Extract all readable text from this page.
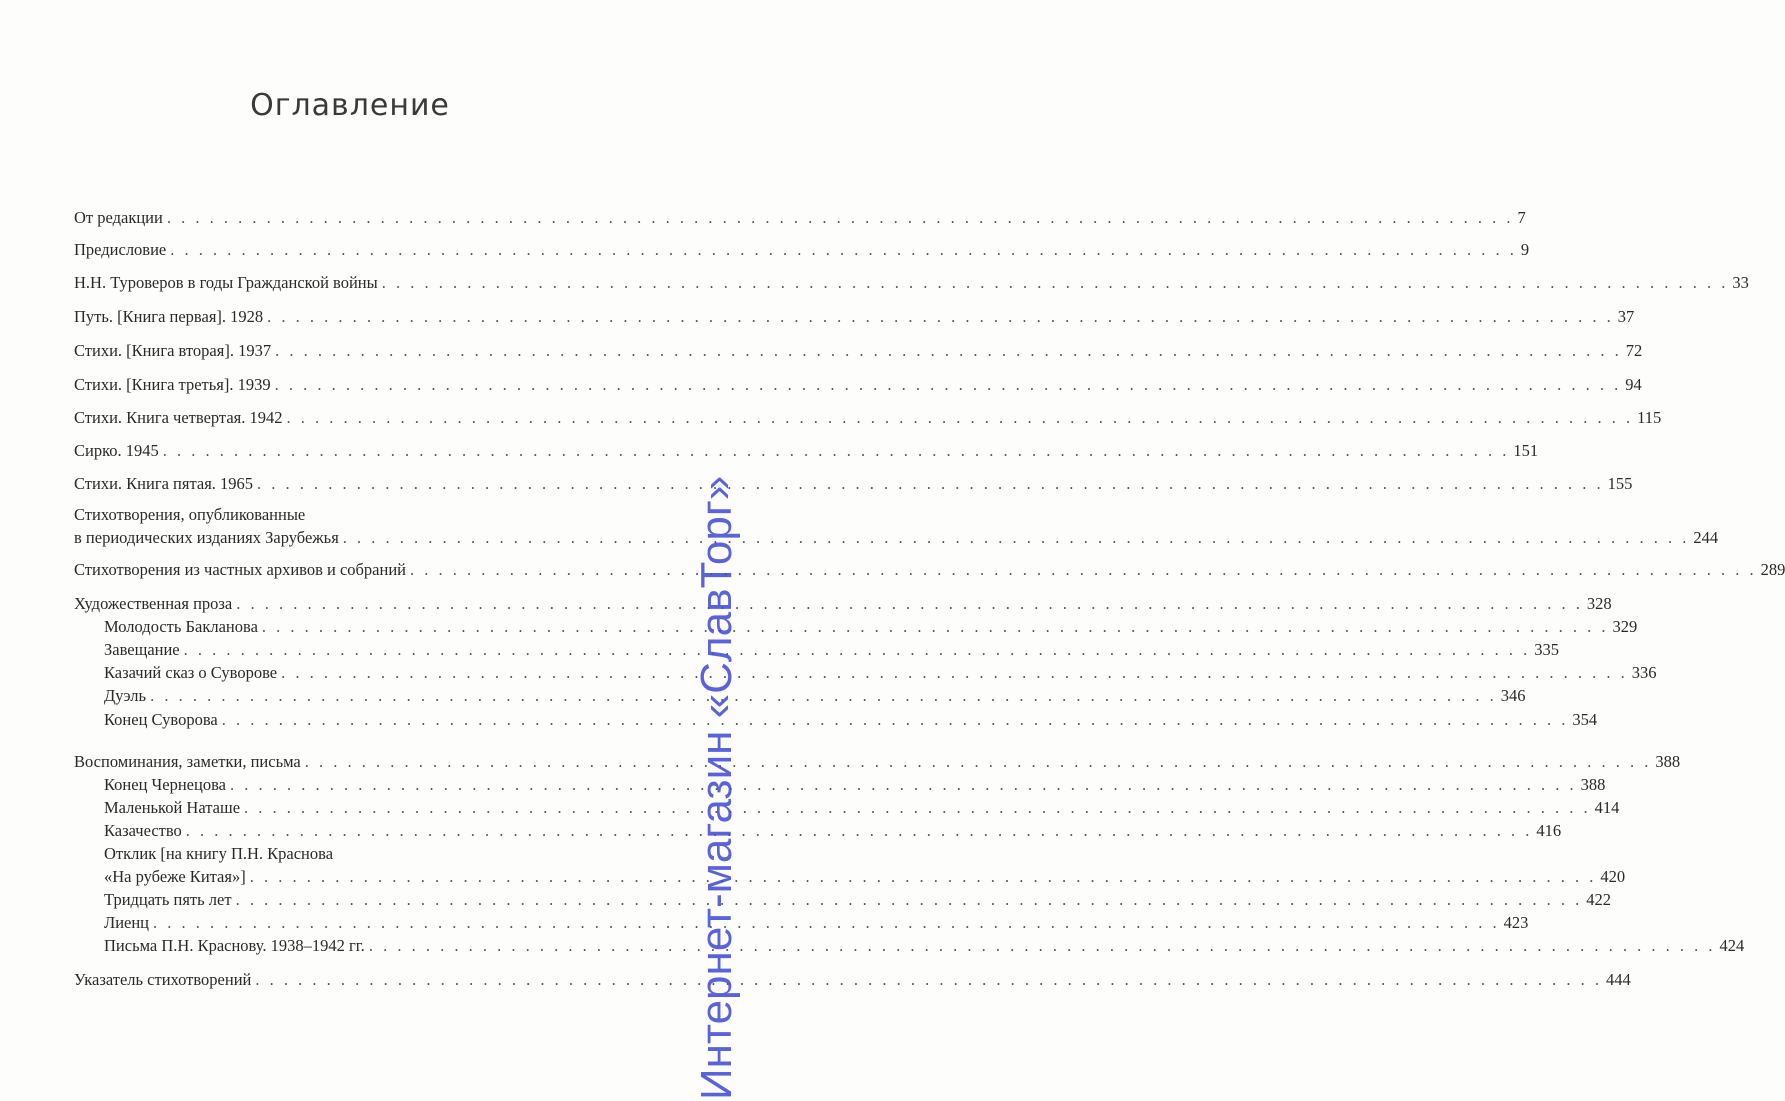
Оглавление
От редакции . . .	7
Предисловие . . .	9
Н.Н. Туроверов в годы Гражданской войны . . .	33
Путь. [Книга первая]. 1928 . . .	37
Стихи. [Книга вторая]. 1937 . . .	72
Стихи. [Книга третья]. 1939 . . .	94
Стихи. Книга четвертая. 1942 . . .	115
Сирко. 1945 . . .	151
Стихи. Книга пятая. 1965 . . .	155
Стихотворения, опубликованные
в периодических изданиях Зарубежья . . .	244
Стихотворения из частных архивов и собраний . . .	289
Художественная проза . . .	328
Молодость Бакланова . . .	329
Завещание . . .	335
Казачий сказ о Суворове . . .	336
Дуэль . . .	346
Конец Суворова . . .	354
Воспоминания, заметки, письма . . .	388
Конец Чернецова . . .	388
Маленькой Наташе . . .	414
Казачество . . .	416
Отклик [на книгу П.Н. Краснова
«На рубеже Китая»] . . .	420
Тридцать пять лет . . .	422
Лиенц . . .	423
Письма П.Н. Краснову. 1938–1942 гг. . . .	424
Указатель стихотворений . . .	444
Интернет-магазин «СлавТорг»
